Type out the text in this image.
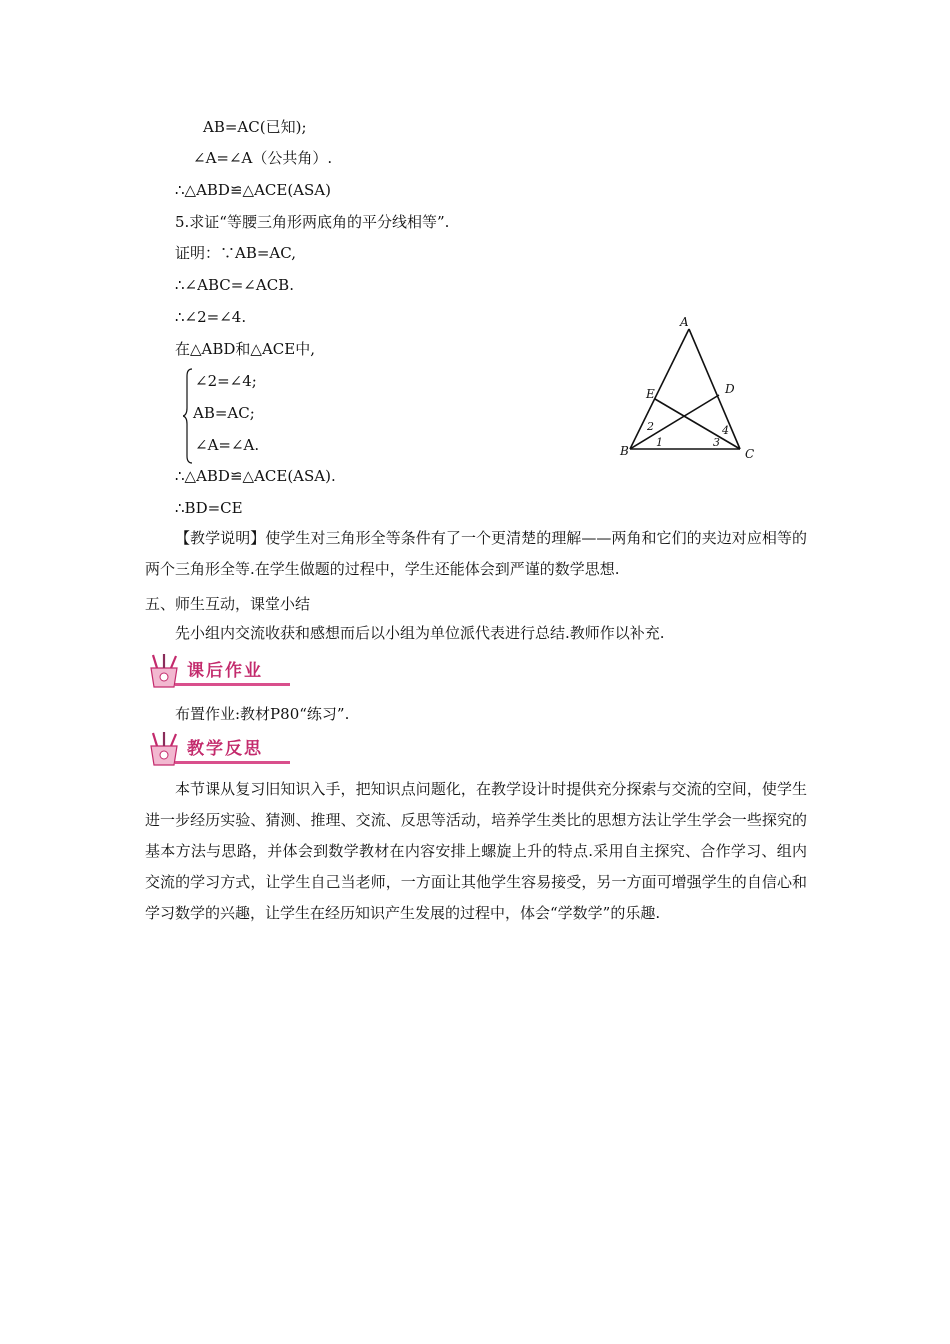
AB=AC(已知);
∠A=∠A（公共角）.
∴△ABD≌△ACE(ASA)
5.求证“等腰三角形两底角的平分线相等”.
证明：∵AB=AC,
∴∠ABC=∠ACB.
∴∠2=∠4.
在△ABD和△ACE中,
∠2=∠4;
AB=AC;
∠A=∠A.
∴△ABD≌△ACE(ASA).
∴BD=CE
A
B	C
D
E
1
2
3
4
【教学说明】使学生对三角形全等条件有了一个更清楚的理解——两角和它们的夹边对应相等的两个三角形全等.在学生做题的过程中，学生还能体会到严谨的数学思想.
五、师生互动，课堂小结
先小组内交流收获和感想而后以小组为单位派代表进行总结.教师作以补充.
课后作业
布置作业:教材P80“练习”.
教学反思
本节课从复习旧知识入手，把知识点问题化，在教学设计时提供充分探索与交流的空间，使学生进一步经历实验、猜测、推理、交流、反思等活动，培养学生类比的思想方法让学生学会一些探究的基本方法与思路，并体会到数学教材在内容安排上螺旋上升的特点.采用自主探究、合作学习、组内交流的学习方式，让学生自己当老师，一方面让其他学生容易接受，另一方面可增强学生的自信心和学习数学的兴趣，让学生在经历知识产生发展的过程中，体会“学数学”的乐趣.
